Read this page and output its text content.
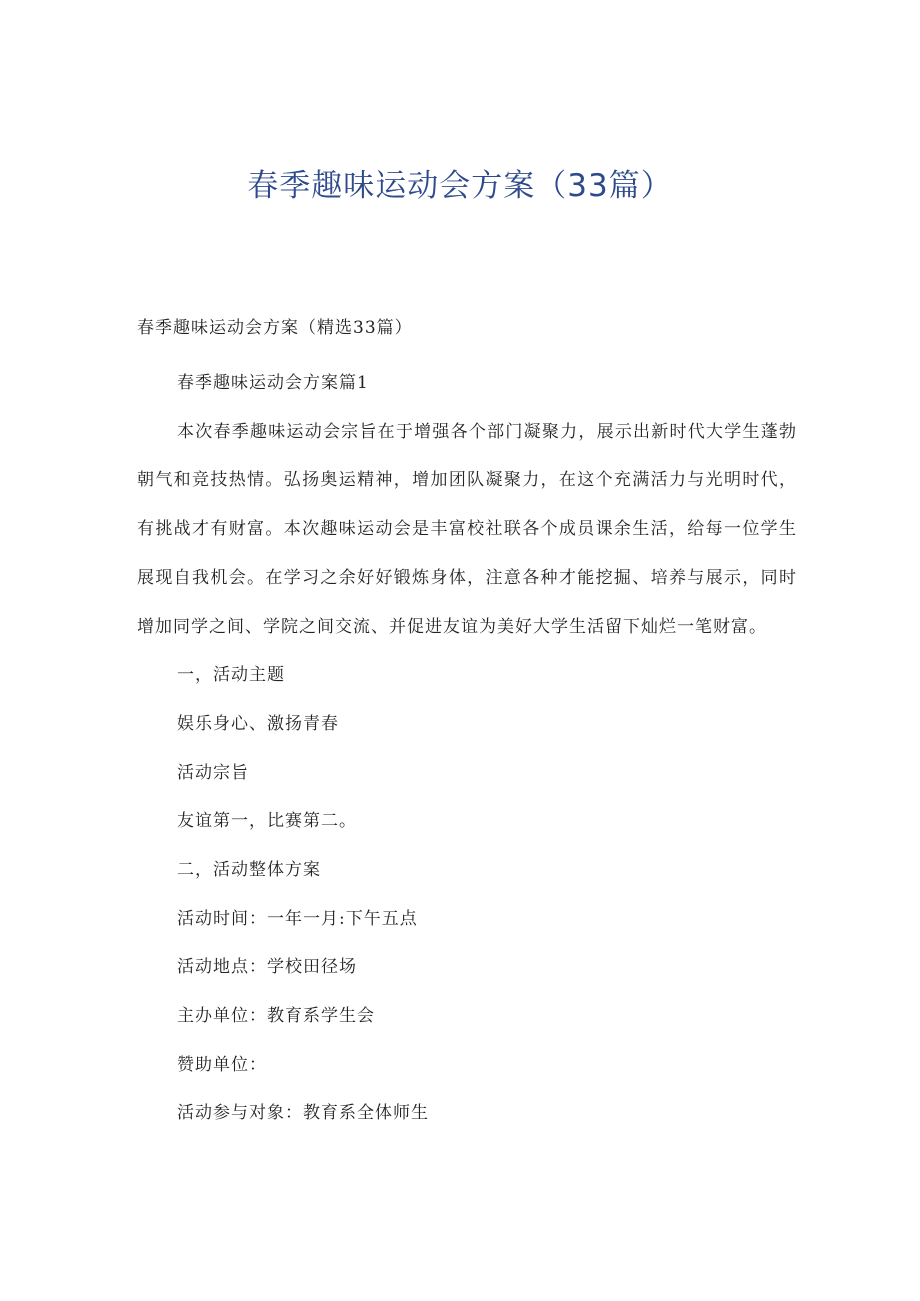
春季趣味运动会方案（33篇）
春季趣味运动会方案（精选33篇）
春季趣味运动会方案篇1

本次春季趣味运动会宗旨在于增强各个部门凝聚力，展示出新时代大学生蓬勃朝气和竞技热情。弘扬奥运精神，增加团队凝聚力，在这个充满活力与光明时代，有挑战才有财富。本次趣味运动会是丰富校社联各个成员课余生活，给每一位学生展现自我机会。在学习之余好好锻炼身体，注意各种才能挖掘、培养与展示，同时增加同学之间、学院之间交流、并促进友谊为美好大学生活留下灿烂一笔财富。

一，活动主题
娱乐身心、激扬青春
活动宗旨
友谊第一，比赛第二。
二，活动整体方案
活动时间：一年一月:下午五点
活动地点：学校田径场
主办单位：教育系学生会
赞助单位：
活动参与对象：教育系全体师生
